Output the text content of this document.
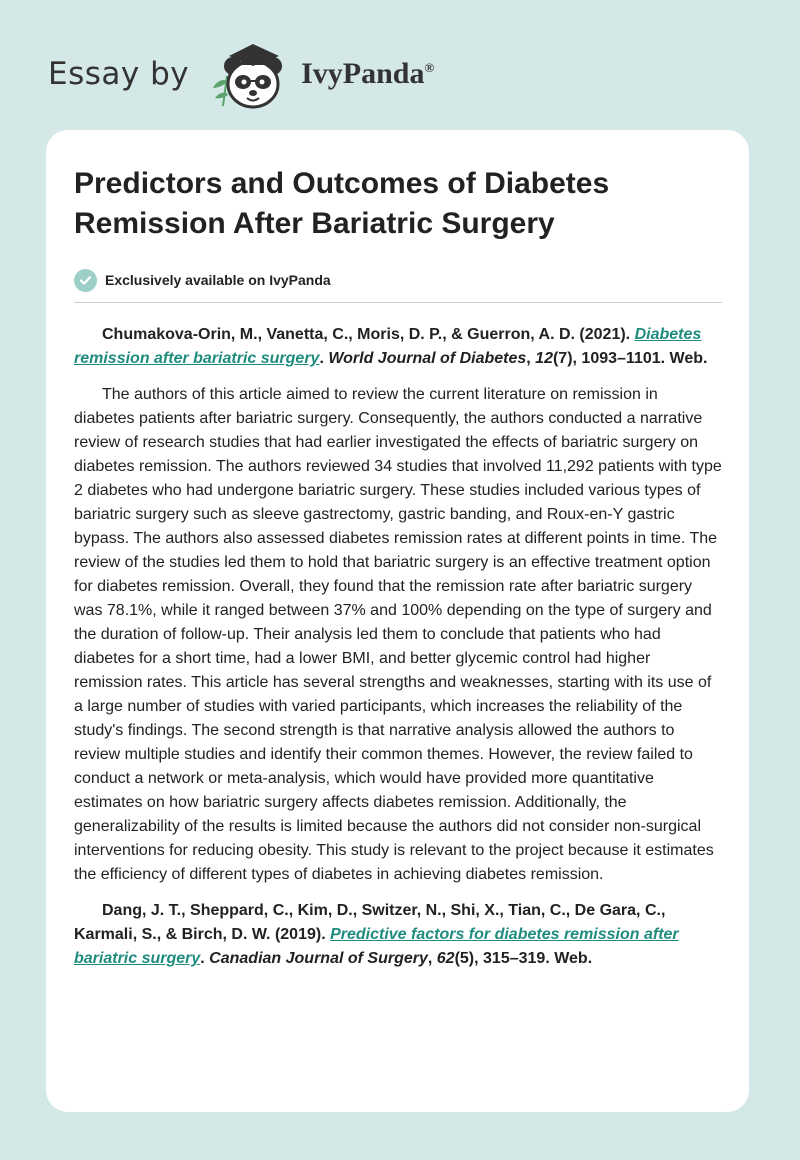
Essay by	IvyPanda®
Predictors and Outcomes of Diabetes Remission After Bariatric Surgery
Exclusively available on IvyPanda

Chumakova-Orin, M., Vanetta, C., Moris, D. P., & Guerron, A. D. (2021). Diabetes remission after bariatric surgery. World Journal of Diabetes, 12(7), 1093–1101. Web.

The authors of this article aimed to review the current literature on remission in diabetes patients after bariatric surgery. Consequently, the authors conducted a narrative review of research studies that had earlier investigated the effects of bariatric surgery on diabetes remission. The authors reviewed 34 studies that involved 11,292 patients with type 2 diabetes who had undergone bariatric surgery. These studies included various types of bariatric surgery such as sleeve gastrectomy, gastric banding, and Roux-en-Y gastric bypass. The authors also assessed diabetes remission rates at different points in time. The review of the studies led them to hold that bariatric surgery is an effective treatment option for diabetes remission. Overall, they found that the remission rate after bariatric surgery was 78.1%, while it ranged between 37% and 100% depending on the type of surgery and the duration of follow-up. Their analysis led them to conclude that patients who had diabetes for a short time, had a lower BMI, and better glycemic control had higher remission rates. This article has several strengths and weaknesses, starting with its use of a large number of studies with varied participants, which increases the reliability of the study's findings. The second strength is that narrative analysis allowed the authors to review multiple studies and identify their common themes. However, the review failed to conduct a network or meta-analysis, which would have provided more quantitative estimates on how bariatric surgery affects diabetes remission. Additionally, the generalizability of the results is limited because the authors did not consider non-surgical interventions for reducing obesity. This study is relevant to the project because it estimates the efficiency of different types of diabetes in achieving diabetes remission.

Dang, J. T., Sheppard, C., Kim, D., Switzer, N., Shi, X., Tian, C., De Gara, C., Karmali, S., & Birch, D. W. (2019). Predictive factors for diabetes remission after bariatric surgery. Canadian Journal of Surgery, 62(5), 315–319. Web.
